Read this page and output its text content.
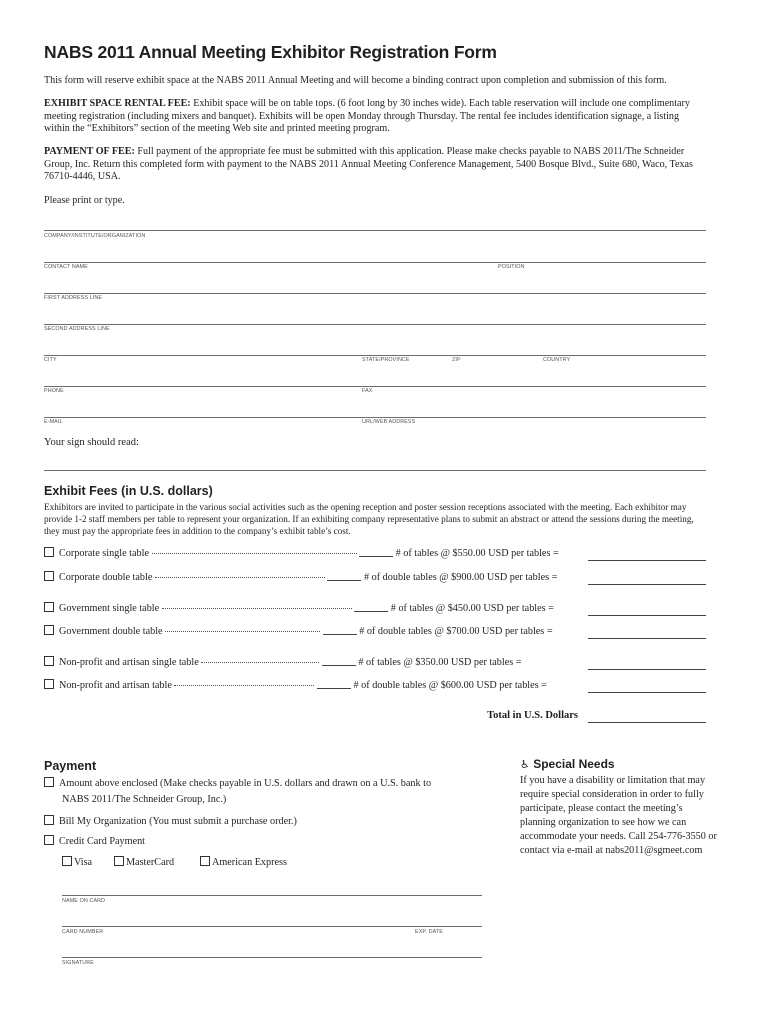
NABS 2011 Annual Meeting Exhibitor Registration Form
This form will reserve exhibit space at the NABS 2011 Annual Meeting and will become a binding contract upon completion and submission of this form.
EXHIBIT SPACE RENTAL FEE: Exhibit space will be on table tops. (6 foot long by 30 inches wide). Each table reservation will include one complimentary meeting registration (including mixers and banquet). Exhibits will be open Monday through Thursday. The rental fee includes identification signage, a listing within the “Exhibitors” section of the meeting Web site and printed meeting program.
PAYMENT OF FEE: Full payment of the appropriate fee must be submitted with this application. Please make checks payable to NABS 2011/The Schneider Group, Inc. Return this completed form with payment to the NABS 2011 Annual Meeting Conference Management, 5400 Bosque Blvd., Suite 680, Waco, Texas 76710-4446, USA.
Please print or type.
COMPANY/INSTITUTE/ORGANIZATION
CONTACT NAME	POSITION
FIRST ADDRESS LINE
SECOND ADDRESS LINE
CITY	STATE/PROVINCE	ZIP	COUNTRY
PHONE	FAX
E-MAIL	URL/WEB ADDRESS
Your sign should read:
Exhibit Fees (in U.S. dollars)
Exhibitors are invited to participate in the various social activities such as the opening reception and poster session receptions associated with the meeting. Each exhibitor may provide 1-2 staff members per table to represent your organization. If an exhibiting company representative plans to submit an abstract or attend the sessions during the meeting, they must pay the appropriate fees in addition to the company’s exhibit table’s cost.
Corporate single table	# of tables @ $550.00 USD per tables =
Corporate double table	# of double tables @ $900.00 USD per tables =
Government single table	# of tables @ $450.00 USD per tables =
Government double table	# of double tables @ $700.00 USD per tables =
Non-profit and artisan single table	# of tables @ $350.00 USD per tables =
Non-profit and artisan table	# of double tables @ $600.00 USD per tables =
Total in U.S. Dollars
Payment
Amount above enclosed (Make checks payable in U.S. dollars and drawn on a U.S. bank to
NABS 2011/The Schneider Group, Inc.)
Bill My Organization (You must submit a purchase order.)
Credit Card Payment
Visa	MasterCard	American Express
NAME ON CARD
CARD NUMBER	EXP. DATE
SIGNATURE
♿ Special Needs
If you have a disability or limitation that may require special consideration in order to fully participate, please contact the meeting’s planning organization to see how we can accommodate your needs. Call 254-776-3550 or contact via e-mail at nabs2011@sgmeet.com
